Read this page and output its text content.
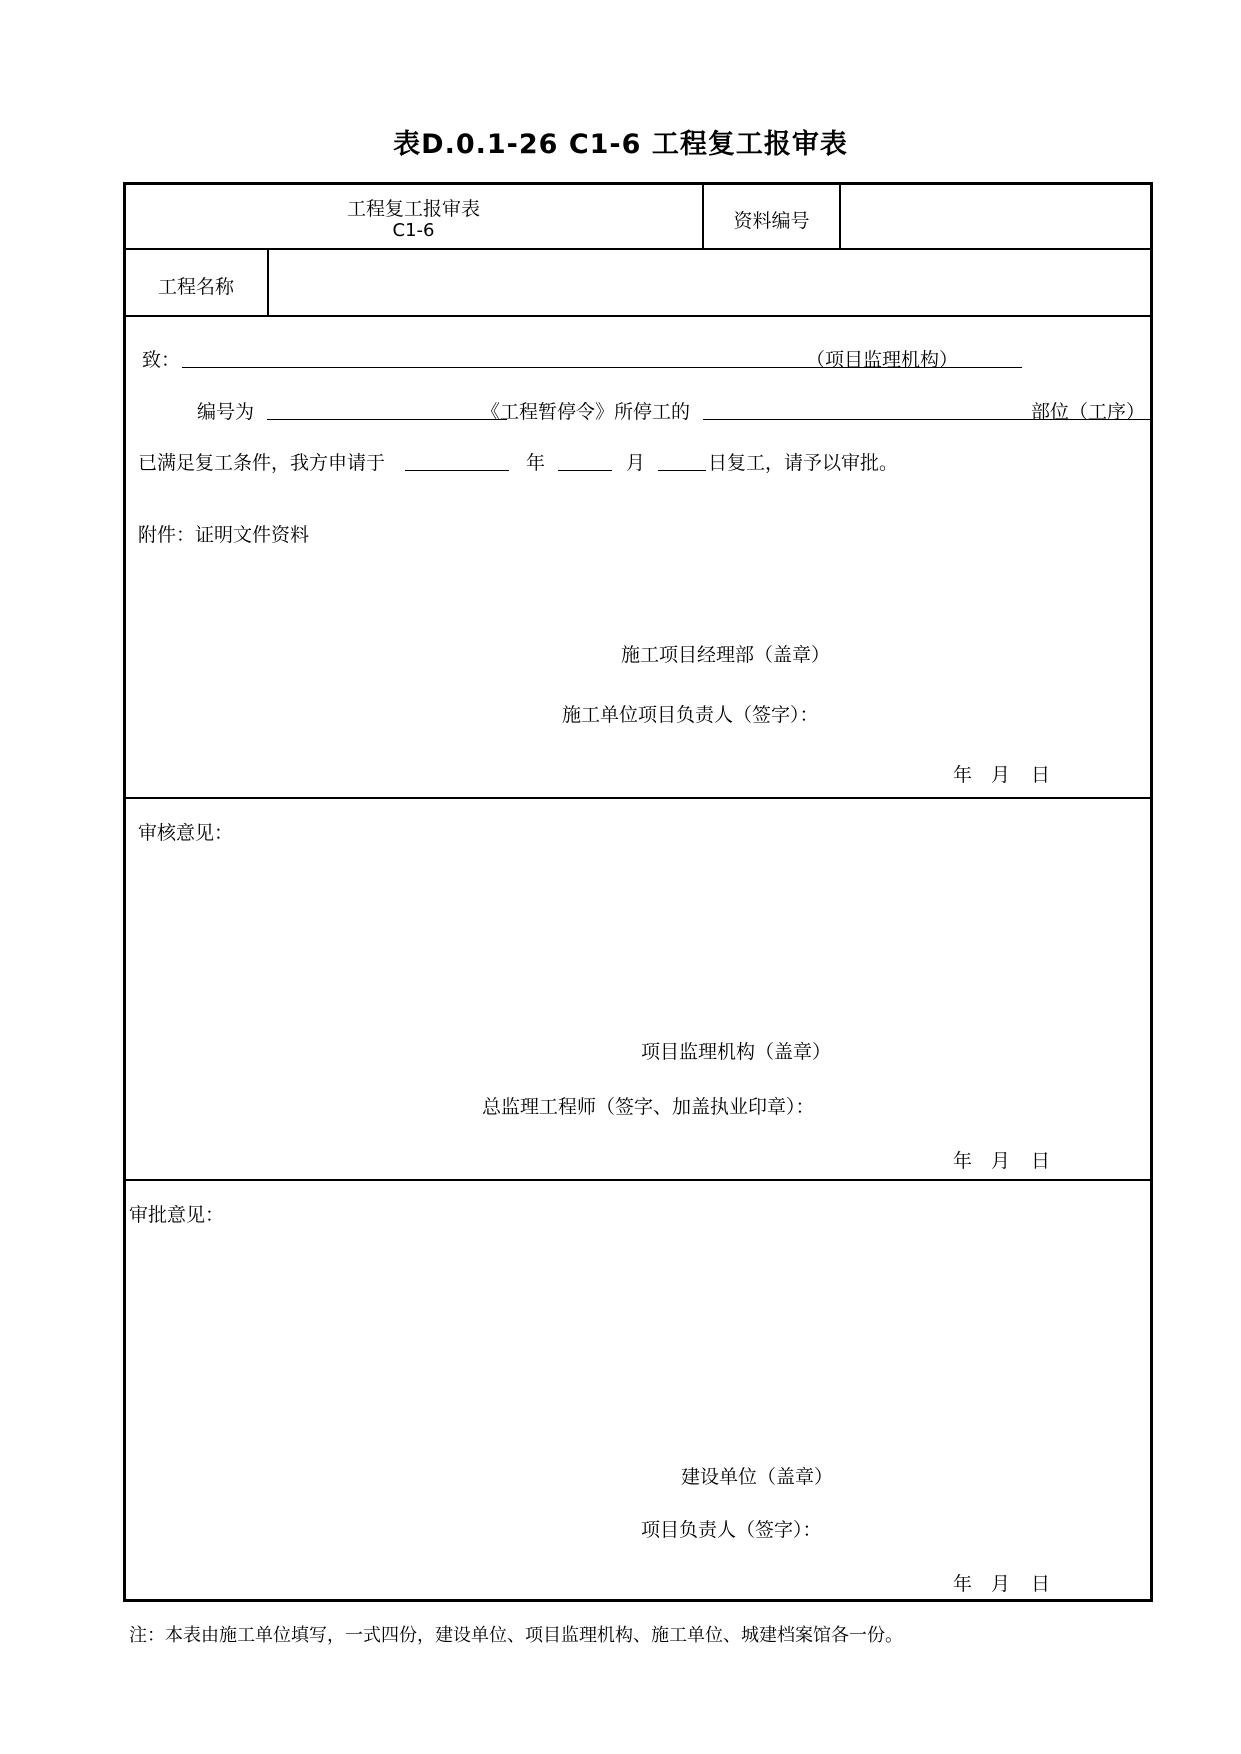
表D.0.1-26 C1-6 工程复工报审表
工程复工报审表
C1-6	资料编号
工程名称
致：	（项目监理机构）
编号为	《工程暂停令》所停工的	部位（工序）
已满足复工条件，我方申请于	年	月	日复工，请予以审批。
附件：证明文件资料
施工项目经理部（盖章）
施工单位项目负责人（签字）：
年 月 日
审核意见：
项目监理机构（盖章）
总监理工程师（签字、加盖执业印章）：
年 月 日
审批意见：
建设单位（盖章）
项目负责人（签字）：
年 月 日
注：本表由施工单位填写，一式四份，建设单位、项目监理机构、施工单位、城建档案馆各一份。
